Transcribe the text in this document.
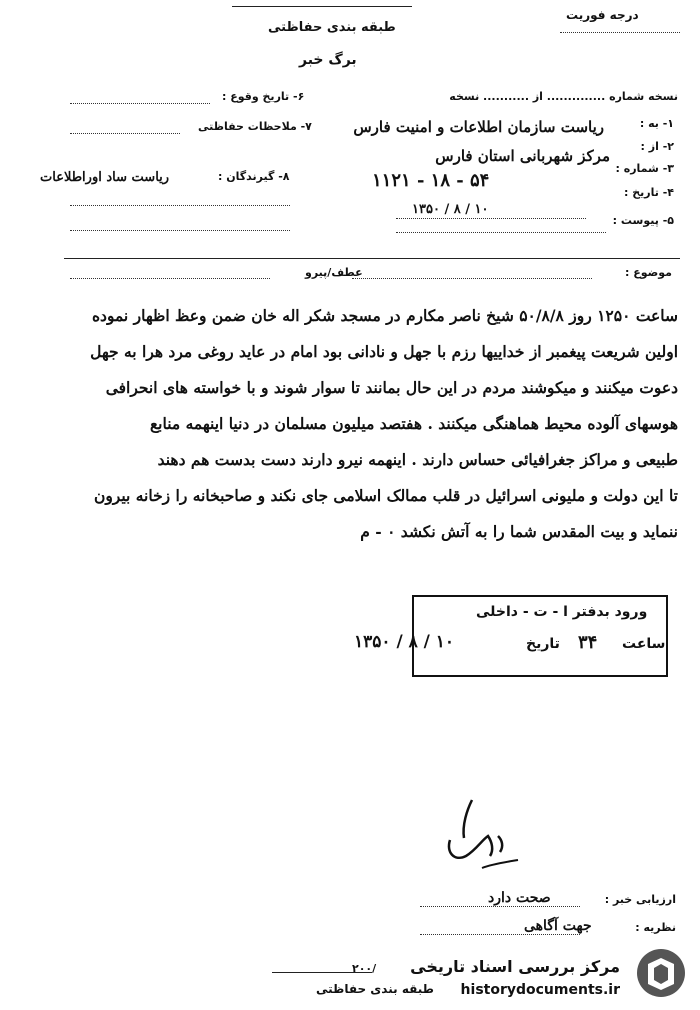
طبقه بندی حفاظتی
درجه فوریت
برگ خبر
نسخه شماره .............. از ........... نسخه
۱- به :
ریاست سازمان اطلاعات و امنیت فارس
۲- از :
مرکز شهربانی استان فارس
۳- شماره :
۱۱۲۱ - ۱۸ - ۵۴
۴- تاریخ :
۱۳۵۰ / ۸ / ۱۰
۵- پیوست :
۶- تاریخ وقوع :
۷- ملاحظات حفاظتی
۸- گیرندگان :
ریاست ساد اوراطلاعات
موضوع :
عطف/پیرو
ساعت ۱۲۵۰ روز ۵۰/۸/۸ شیخ ناصر مکارم در مسجد شکر اله خان ضمن وعظ اظهار نموده
اولین شریعت پیغمبر از خداییها رزم با جهل و نادانی بود امام در عاید روغی مرد هرا به جهل
دعوت میکنند و میکوشند مردم در این حال بمانند تا سوار شوند و با خواسته های انحرافی
هوسهای آلوده محیط هماهنگی میکنند . هفتصد میلیون مسلمان در دنیا اینهمه منابع
طبیعی و مراکز جغرافیائی حساس دارند . اینهمه نیرو دارند دست بدست هم دهند
تا این دولت و ملیونی اسرائیل در قلب ممالک اسلامی جای نکند و صاحبخانه را زخانه بیرون
ننماید و بیت المقدس شما را به آتش نکشد ۰ - م
ورود بدفتر ا - ت - داخلی
ساعت
۳۴
تاریخ
۱۳۵۰ / ۸ / ۱۰
ارزیابی خبر :
صحت دارد
نظریه :
جهت آگاهی
۲۰۰/
طبقه بندی حفاظتی
مرکز بررسی اسناد تاریخی
historydocuments.ir
